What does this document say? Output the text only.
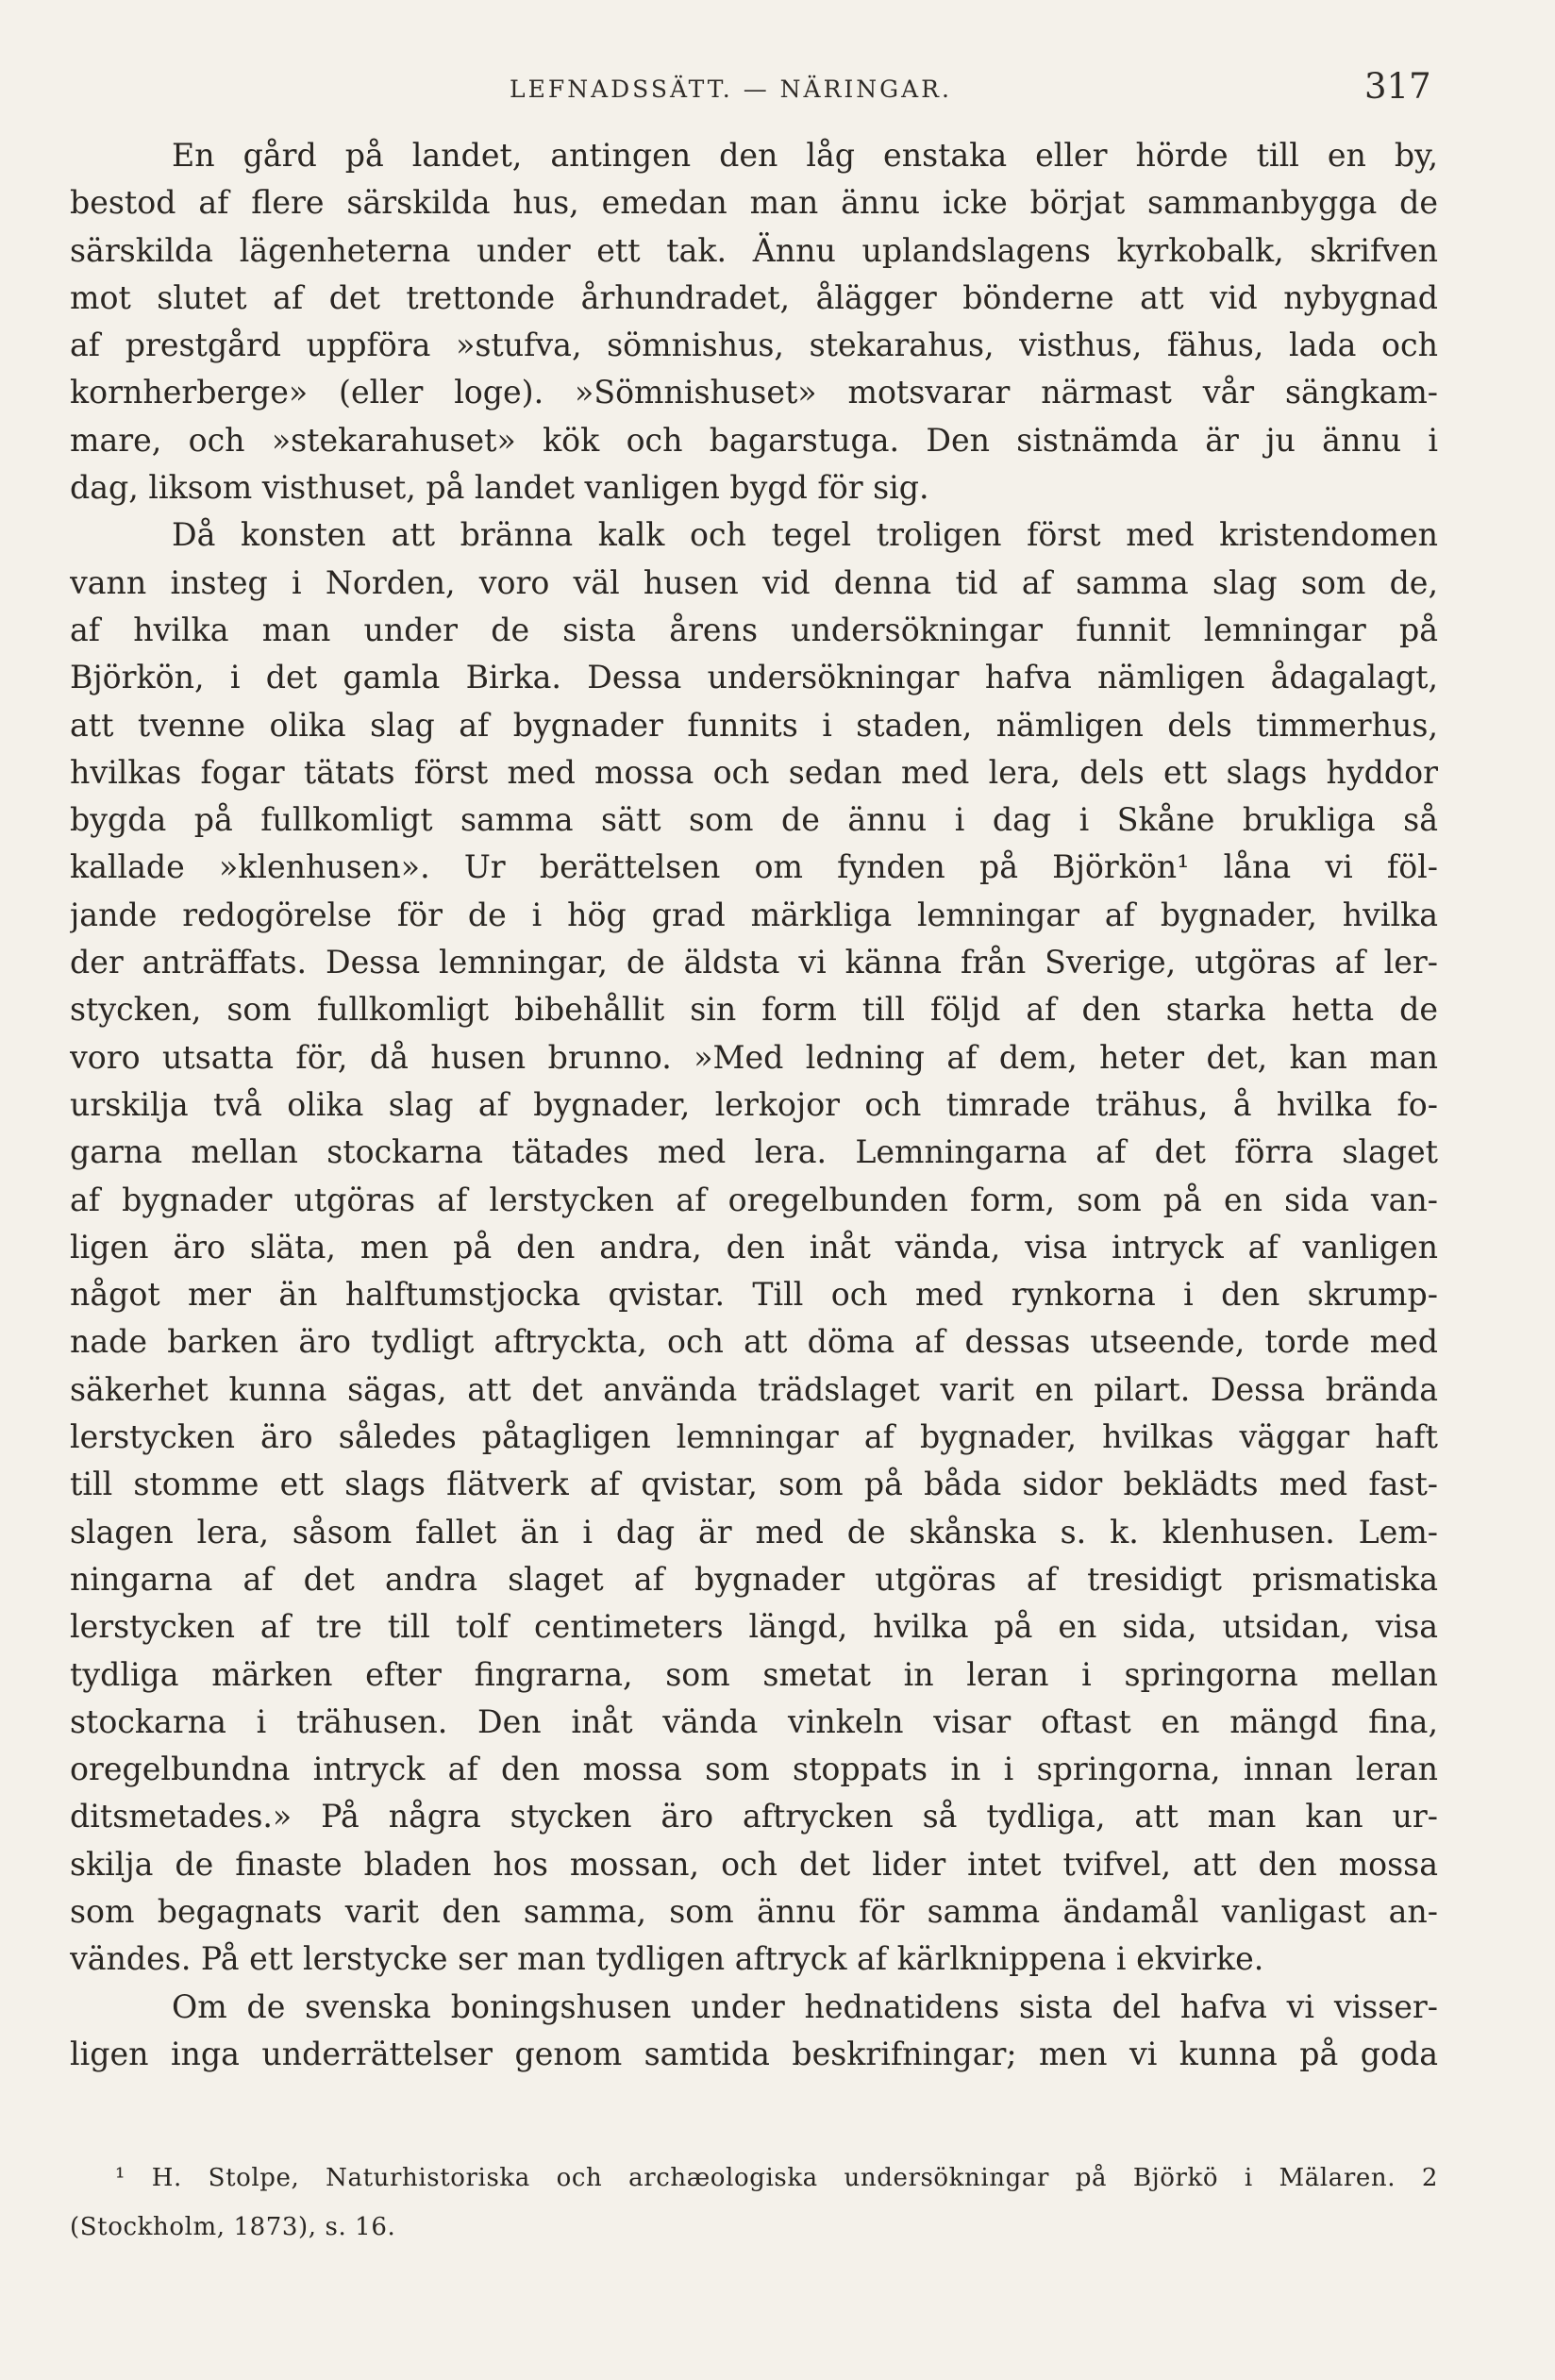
LEFNADSSÄTT. — NÄRINGAR.	317
En gård på landet, antingen den låg enstaka eller hörde till en by,
bestod af flere särskilda hus, emedan man ännu icke börjat sammanbygga de
särskilda lägenheterna under ett tak. Ännu uplandslagens kyrkobalk, skrifven
mot slutet af det trettonde århundradet, ålägger bönderne att vid nybygnad
af prestgård uppföra »stufva, sömnishus, stekarahus, visthus, fähus, lada och
kornherberge» (eller loge). »Sömnishuset» motsvarar närmast vår sängkam-
mare, och »stekarahuset» kök och bagarstuga. Den sistnämda är ju ännu i
dag, liksom visthuset, på landet vanligen bygd för sig.
Då konsten att bränna kalk och tegel troligen först med kristendomen
vann insteg i Norden, voro väl husen vid denna tid af samma slag som de,
af hvilka man under de sista årens undersökningar funnit lemningar på
Björkön, i det gamla Birka. Dessa undersökningar hafva nämligen ådagalagt,
att tvenne olika slag af bygnader funnits i staden, nämligen dels timmerhus,
hvilkas fogar tätats först med mossa och sedan med lera, dels ett slags hyddor
bygda på fullkomligt samma sätt som de ännu i dag i Skåne brukliga så
kallade »klenhusen». Ur berättelsen om fynden på Björkön¹ låna vi föl-
jande redogörelse för de i hög grad märkliga lemningar af bygnader, hvilka
der anträffats. Dessa lemningar, de äldsta vi känna från Sverige, utgöras af ler-
stycken, som fullkomligt bibehållit sin form till följd af den starka hetta de
voro utsatta för, då husen brunno. »Med ledning af dem, heter det, kan man
urskilja två olika slag af bygnader, lerkojor och timrade trähus, å hvilka fo-
garna mellan stockarna tätades med lera. Lemningarna af det förra slaget
af bygnader utgöras af lerstycken af oregelbunden form, som på en sida van-
ligen äro släta, men på den andra, den inåt vända, visa intryck af vanligen
något mer än halftumstjocka qvistar. Till och med rynkorna i den skrump-
nade barken äro tydligt aftryckta, och att döma af dessas utseende, torde med
säkerhet kunna sägas, att det använda trädslaget varit en pilart. Dessa brända
lerstycken äro således påtagligen lemningar af bygnader, hvilkas väggar haft
till stomme ett slags flätverk af qvistar, som på båda sidor beklädts med fast-
slagen lera, såsom fallet än i dag är med de skånska s. k. klenhusen. Lem-
ningarna af det andra slaget af bygnader utgöras af tresidigt prismatiska
lerstycken af tre till tolf centimeters längd, hvilka på en sida, utsidan, visa
tydliga märken efter fingrarna, som smetat in leran i springorna mellan
stockarna i trähusen. Den inåt vända vinkeln visar oftast en mängd fina,
oregelbundna intryck af den mossa som stoppats in i springorna, innan leran
ditsmetades.» På några stycken äro aftrycken så tydliga, att man kan ur-
skilja de finaste bladen hos mossan, och det lider intet tvifvel, att den mossa
som begagnats varit den samma, som ännu för samma ändamål vanligast an-
vändes. På ett lerstycke ser man tydligen aftryck af kärlknippena i ekvirke.
Om de svenska boningshusen under hednatidens sista del hafva vi visser-
ligen inga underrättelser genom samtida beskrifningar; men vi kunna på goda
¹ H. Stolpe, Naturhistoriska och archæologiska undersökningar på Björkö i Mälaren. 2
(Stockholm, 1873), s. 16.
